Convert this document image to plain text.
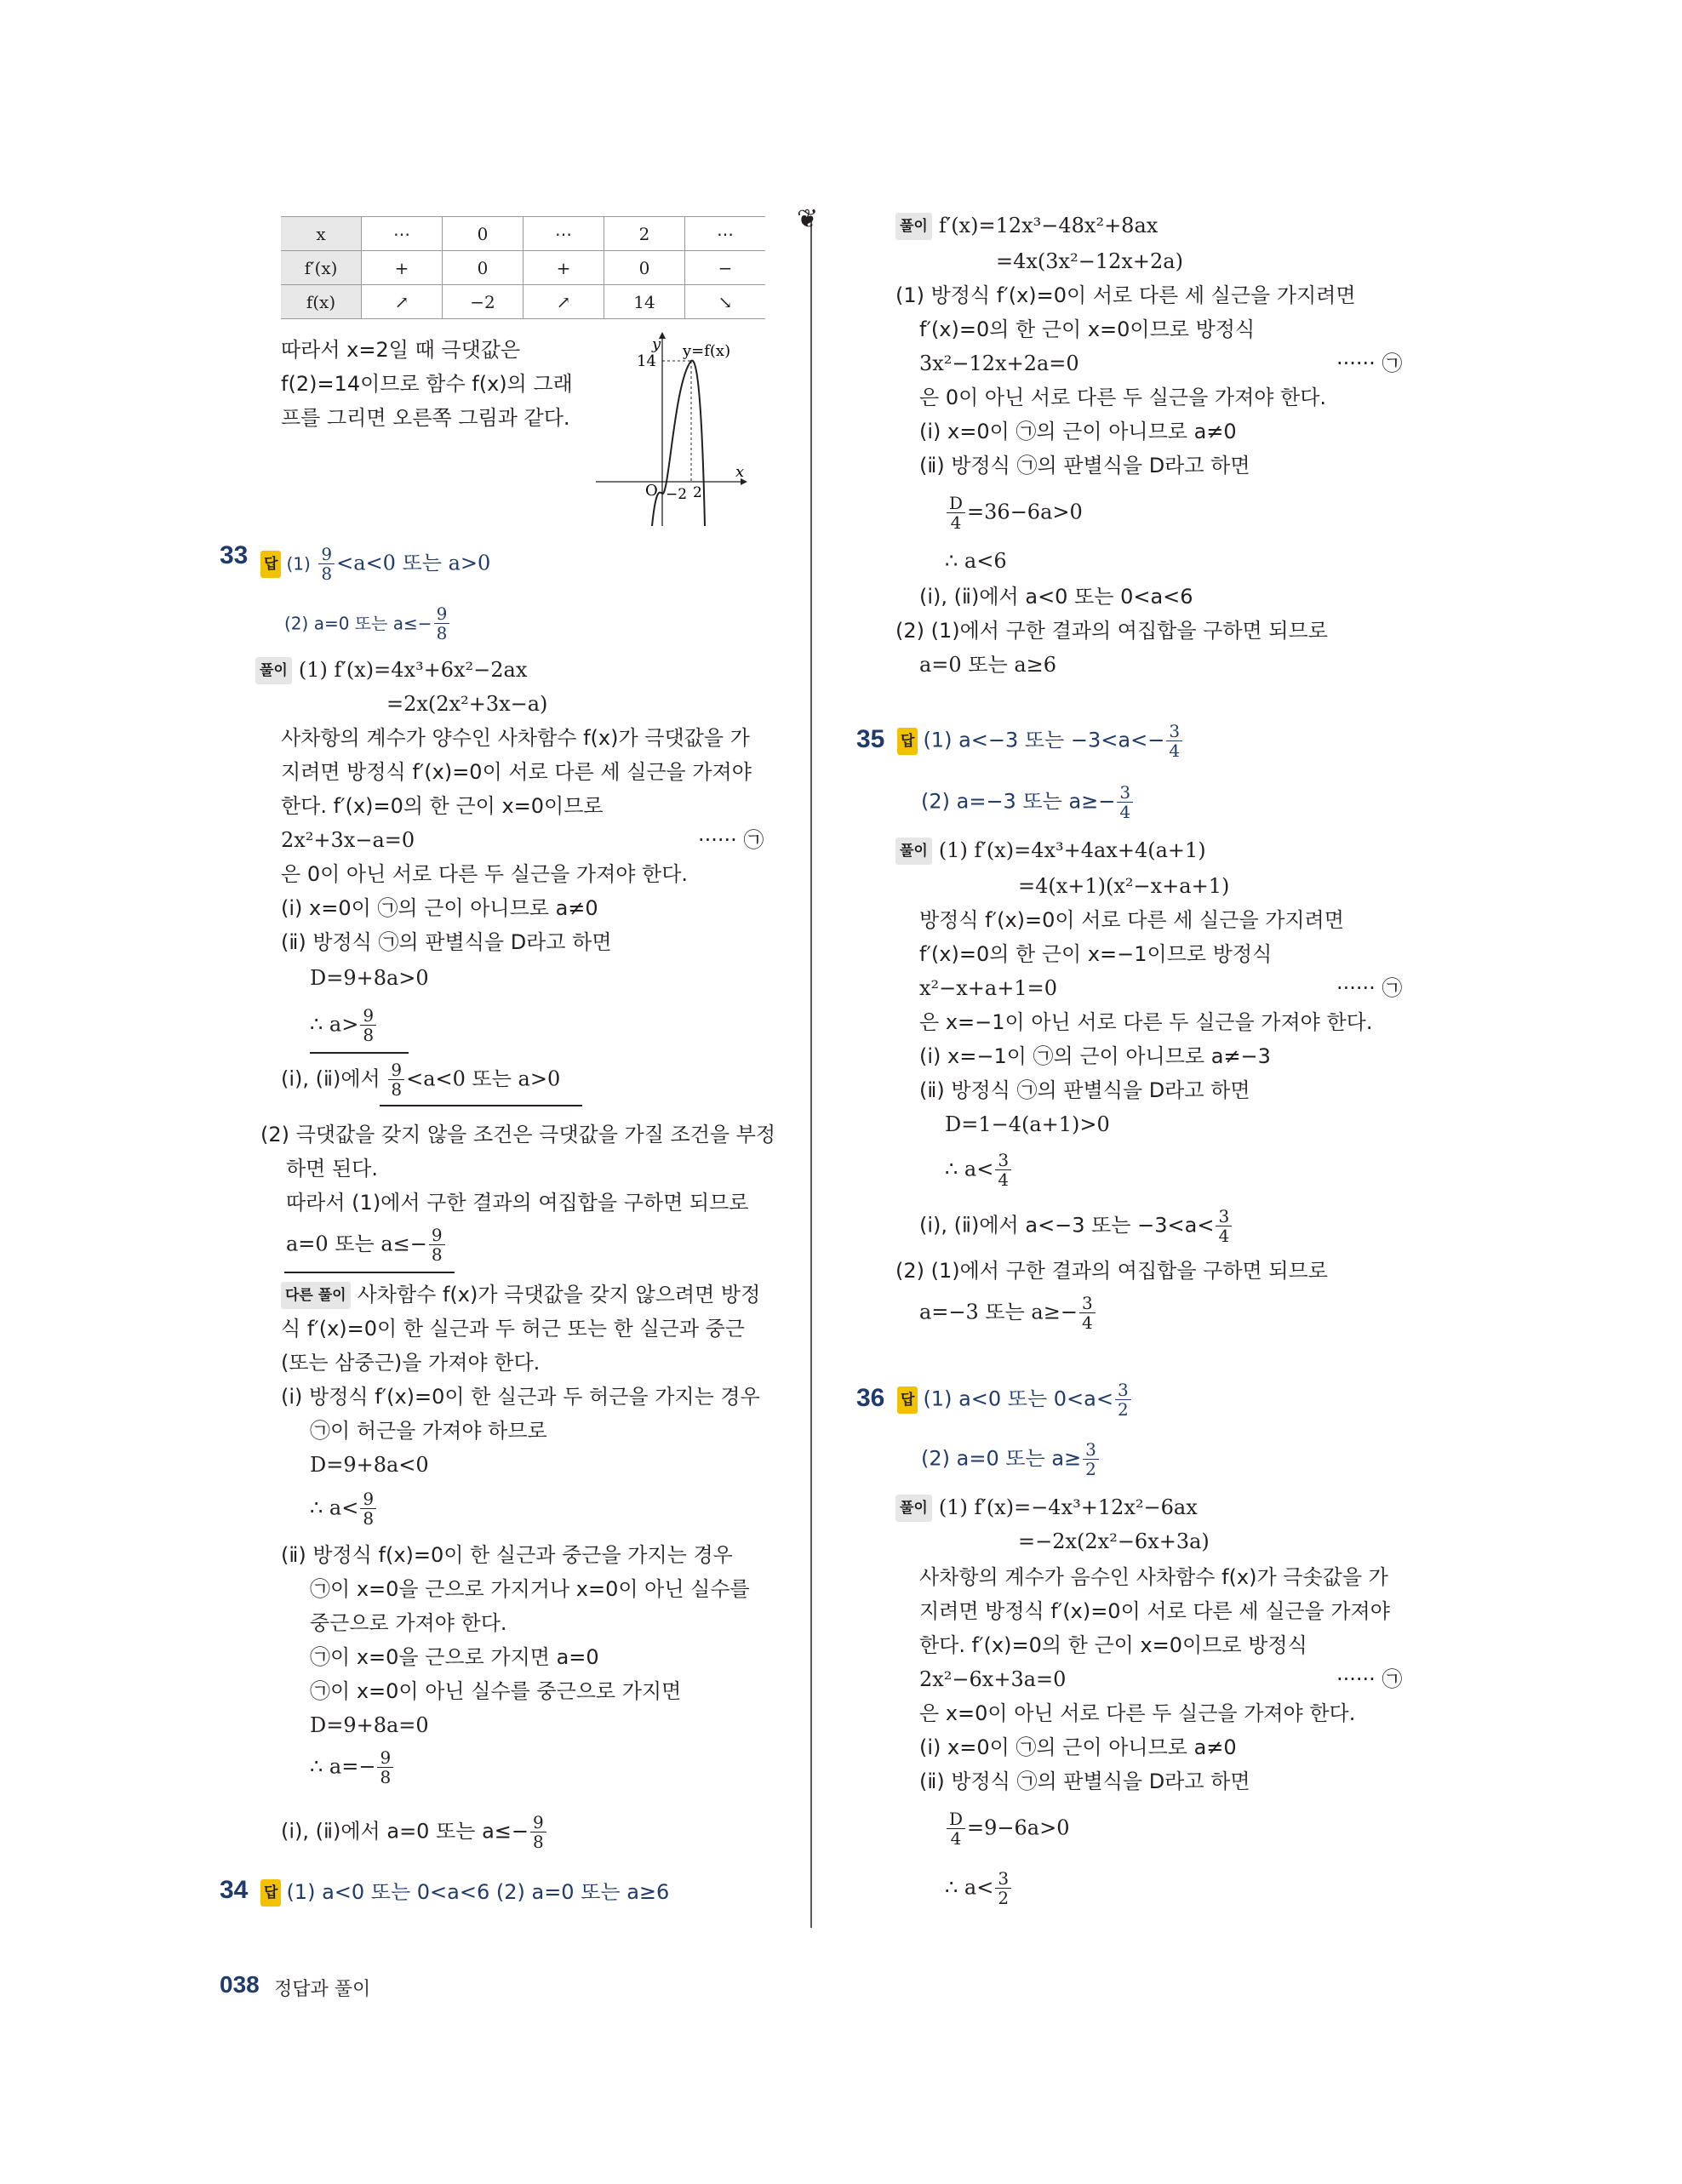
❦
x	⋯	0	⋯	2	⋯
f′(x)	+	0	+	0	−
f(x)	↗	−2	↗	14	↘
따라서 x=2일 때 극댓값은
f(2)=14이므로 함수 f(x)의 그래
프를 그리면 오른쪽 그림과 같다.
y y=f(x)
14
O −2 2
x
33 답 $(1) \frac{9}{8} <a<0$ 또는 a>0
(2) a=0 또는 $a\le- \frac{9}{8}$
풀이 (1) f′(x)=4x³+6x²−2ax
=2x(2x²+3x−a)
사차항의 계수가 양수인 사차함수 f(x)가 극댓값을 가
지려면 방정식 f′(x)=0이 서로 다른 세 실근을 가져야
한다. f′(x)=0의 한 근이 x=0이므로
2x²+3x−a=0	······ ㉠
은 0이 아닌 서로 다른 두 실근을 가져야 한다.
(ⅰ) x=0이 ㉠의 근이 아니므로 a≠0
(ⅱ) 방정식 ㉠의 판별식을 D라고 하면
D=9+8a>0
∴ $a> \frac{9}{8}$
(ⅰ), (ⅱ)에서 $\frac{9}{8} <a<0$ 또는 a>0
(2) 극댓값을 갖지 않을 조건은 극댓값을 가질 조건을 부정
하면 된다.
따라서 (1)에서 구한 결과의 여집합을 구하면 되므로
a=0 또는 $a\le- \frac{9}{8}$
다른 풀이 사차함수 f(x)가 극댓값을 갖지 않으려면 방정
식 f′(x)=0이 한 실근과 두 허근 또는 한 실근과 중근
(또는 삼중근)을 가져야 한다.
(ⅰ) 방정식 f′(x)=0이 한 실근과 두 허근을 가지는 경우
㉠이 허근을 가져야 하므로
D=9+8a<0
∴ $a< \frac{9}{8}$
(ⅱ) 방정식 f(x)=0이 한 실근과 중근을 가지는 경우
㉠이 x=0을 근으로 가지거나 x=0이 아닌 실수를
중근으로 가져야 한다.
㉠이 x=0을 근으로 가지면 a=0
㉠이 x=0이 아닌 실수를 중근으로 가지면
D=9+8a=0
∴ $a=- \frac{9}{8}$
(ⅰ), (ⅱ)에서 a=0 또는 $a\le- \frac{9}{8}$
34 답 (1) a<0 또는 0<a<6 (2) a=0 또는 a≥6
풀이 f′(x)=12x³−48x²+8ax
=4x(3x²−12x+2a)
(1) 방정식 f′(x)=0이 서로 다른 세 실근을 가지려면
f′(x)=0의 한 근이 x=0이므로 방정식
3x²−12x+2a=0	······ ㉠
은 0이 아닌 서로 다른 두 실근을 가져야 한다.
(ⅰ) x=0이 ㉠의 근이 아니므로 a≠0
(ⅱ) 방정식 ㉠의 판별식을 D라고 하면
$\frac{D}{4} =36-6a>0$
∴ a<6
(ⅰ), (ⅱ)에서 a<0 또는 0<a<6
(2) (1)에서 구한 결과의 여집합을 구하면 되므로
a=0 또는 a≥6
35 답 (1) a<−3 또는 $-3<a<- \frac{3}{4}$
(2) a=−3 또는 $a\ge- \frac{3}{4}$
풀이 (1) f′(x)=4x³+4ax+4(a+1)
=4(x+1)(x²−x+a+1)
방정식 f′(x)=0이 서로 다른 세 실근을 가지려면
f′(x)=0의 한 근이 x=−1이므로 방정식
x²−x+a+1=0	······ ㉠
은 x=−1이 아닌 서로 다른 두 실근을 가져야 한다.
(ⅰ) x=−1이 ㉠의 근이 아니므로 a≠−3
(ⅱ) 방정식 ㉠의 판별식을 D라고 하면
D=1−4(a+1)>0
∴ $a< \frac{3}{4}$
(ⅰ), (ⅱ)에서 a<−3 또는 $-3<a< \frac{3}{4}$
(2) (1)에서 구한 결과의 여집합을 구하면 되므로
a=−3 또는 $a\ge- \frac{3}{4}$
36 답 (1) a<0 또는 $0<a< \frac{3}{2}$
(2) a=0 또는 $a\ge \frac{3}{2}$
풀이 (1) f′(x)=−4x³+12x²−6ax
=−2x(2x²−6x+3a)
사차항의 계수가 음수인 사차함수 f(x)가 극솟값을 가
지려면 방정식 f′(x)=0이 서로 다른 세 실근을 가져야
한다. f′(x)=0의 한 근이 x=0이므로 방정식
2x²−6x+3a=0	······ ㉠
은 x=0이 아닌 서로 다른 두 실근을 가져야 한다.
(ⅰ) x=0이 ㉠의 근이 아니므로 a≠0
(ⅱ) 방정식 ㉠의 판별식을 D라고 하면
$\frac{D}{4} =9-6a>0$
∴ $a< \frac{3}{2}$
038 정답과 풀이
